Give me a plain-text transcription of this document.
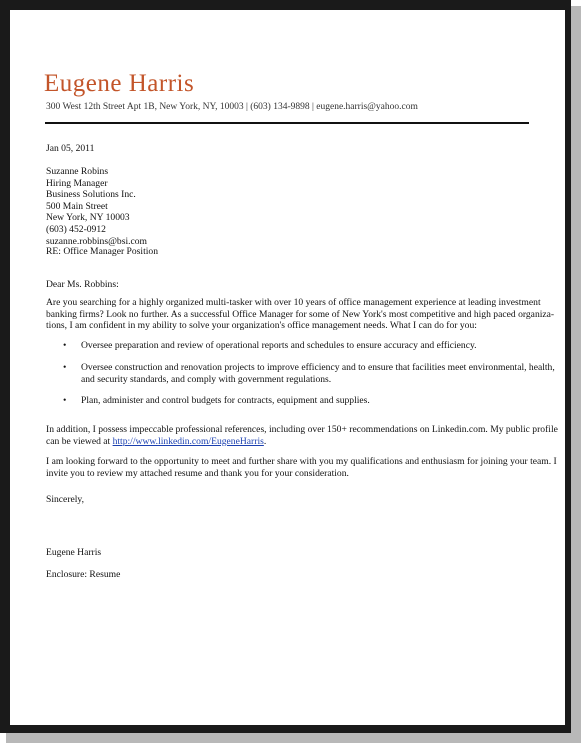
Eugene Harris
300 West 12th Street Apt 1B, New York, NY, 10003 | (603) 134-9898 | eugene.harris@yahoo.com
Jan 05, 2011
Suzanne Robins
Hiring Manager
Business Solutions Inc.
500 Main Street
New York, NY 10003
(603) 452-0912
suzanne.robbins@bsi.com
RE: Office Manager Position
Dear Ms. Robbins:
Are you searching for a highly organized multi-tasker with over 10 years of office management experience at leading investment
banking firms? Look no further. As a successful Office Manager for some of New York's most competitive and high paced organiza-
tions, I am confident in my ability to solve your organization's office management needs. What I can do for you:
• Oversee preparation and review of operational reports and schedules to ensure accuracy and efficiency.
• Oversee construction and renovation projects to improve efficiency and to ensure that facilities meet environmental, health,
and security standards, and comply with government regulations.
• Plan, administer and control budgets for contracts, equipment and supplies.
In addition, I possess impeccable professional references, including over 150+ recommendations on Linkedin.com. My public profile
can be viewed at http://www.linkedin.com/EugeneHarris.
I am looking forward to the opportunity to meet and further share with you my qualifications and enthusiasm for joining your team. I
invite you to review my attached resume and thank you for your consideration.
Sincerely,
Eugene Harris
Enclosure: Resume
